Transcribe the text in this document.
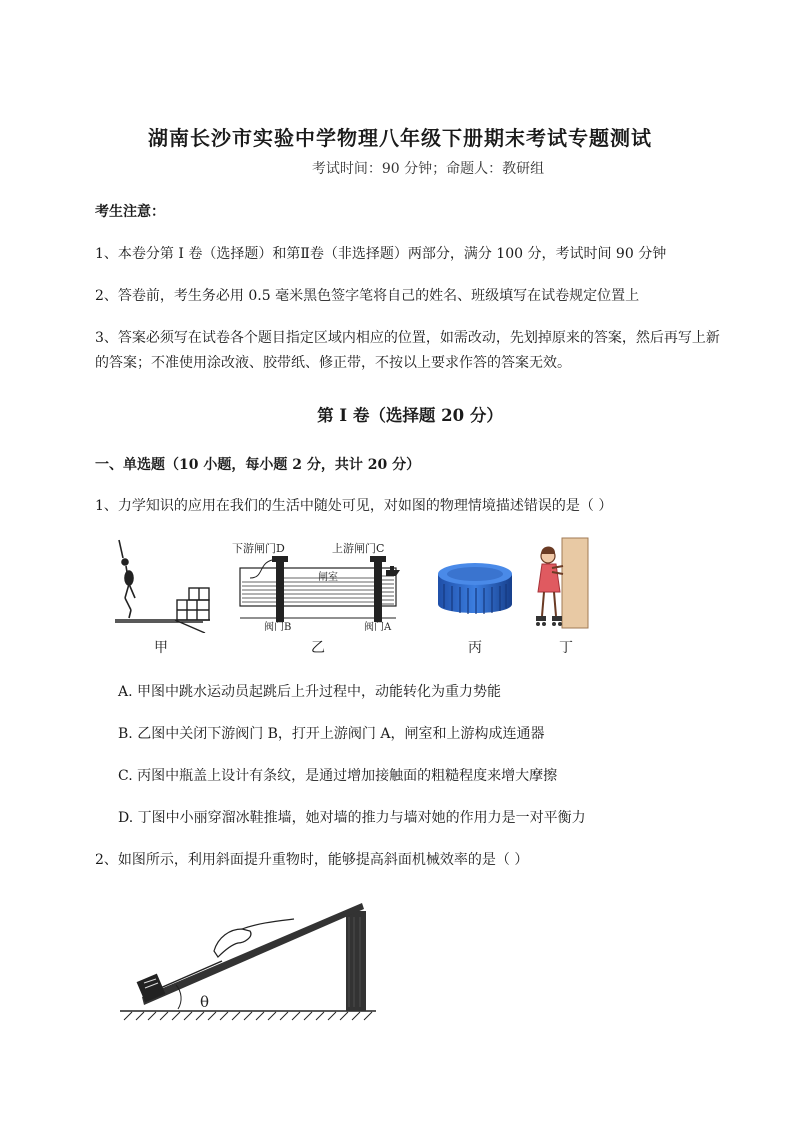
湖南长沙市实验中学物理八年级下册期末考试专题测试
考试时间：90 分钟；命题人：教研组
考生注意：
1、本卷分第 I 卷（选择题）和第Ⅱ卷（非选择题）两部分，满分 100 分，考试时间 90 分钟
2、答卷前，考生务必用 0.5 毫米黑色签字笔将自己的姓名、班级填写在试卷规定位置上
3、答案必须写在试卷各个题目指定区域内相应的位置，如需改动，先划掉原来的答案，然后再写上新
的答案；不准使用涂改液、胶带纸、修正带，不按以上要求作答的答案无效。
第 I 卷（选择题 20 分）
一、单选题（10 小题，每小题 2 分，共计 20 分）
1、力学知识的应用在我们的生活中随处可见，对如图的物理情境描述错误的是（ ）
甲
下游闸门D	上游闸门C
闸室
阀门B	阀门A
乙	丙	丁
A. 甲图中跳水运动员起跳后上升过程中，动能转化为重力势能
B. 乙图中关闭下游阀门 B，打开上游阀门 A，闸室和上游构成连通器
C. 丙图中瓶盖上设计有条纹，是通过增加接触面的粗糙程度来增大摩擦
D. 丁图中小丽穿溜冰鞋推墙，她对墙的推力与墙对她的作用力是一对平衡力
2、如图所示，利用斜面提升重物时，能够提高斜面机械效率的是（ ）
θ
